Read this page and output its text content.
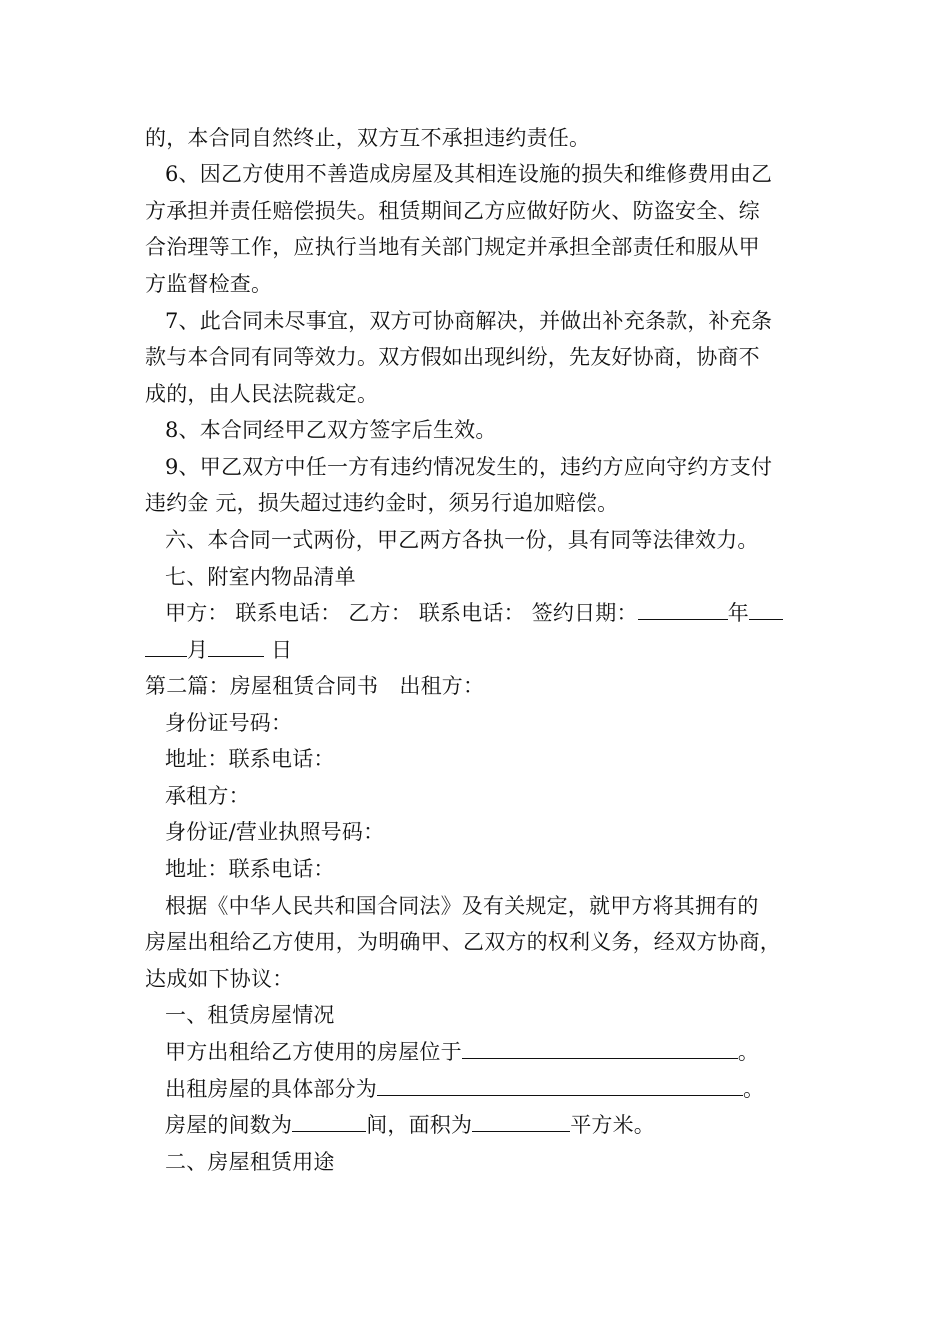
的，本合同自然终止，双方互不承担违约责任。
6、因乙方使用不善造成房屋及其相连设施的损失和维修费用由乙
方承担并责任赔偿损失。租赁期间乙方应做好防火、防盗安全、综
合治理等工作，应执行当地有关部门规定并承担全部责任和服从甲
方监督检查。
7、此合同未尽事宜，双方可协商解决，并做出补充条款，补充条
款与本合同有同等效力。双方假如出现纠纷，先友好协商，协商不
成的，由人民法院裁定。
8、本合同经甲乙双方签字后生效。
9、甲乙双方中任一方有违约情况发生的，违约方应向守约方支付
违约金 元，损失超过违约金时，须另行追加赔偿。
六、本合同一式两份，甲乙两方各执一份，具有同等法律效力。
七、附室内物品清单
甲方： 联系电话： 乙方： 联系电话： 签约日期：	年
月	日
第二篇：房屋租赁合同书　出租方：
身份证号码：
地址：联系电话：
承租方：
身份证/营业执照号码：
地址：联系电话：
根据《中华人民共和国合同法》及有关规定，就甲方将其拥有的
房屋出租给乙方使用，为明确甲、乙双方的权利义务，经双方协商，
达成如下协议：
一、租赁房屋情况
甲方出租给乙方使用的房屋位于	。
出租房屋的具体部分为	。
房屋的间数为	间，面积为	平方米。
二、房屋租赁用途
